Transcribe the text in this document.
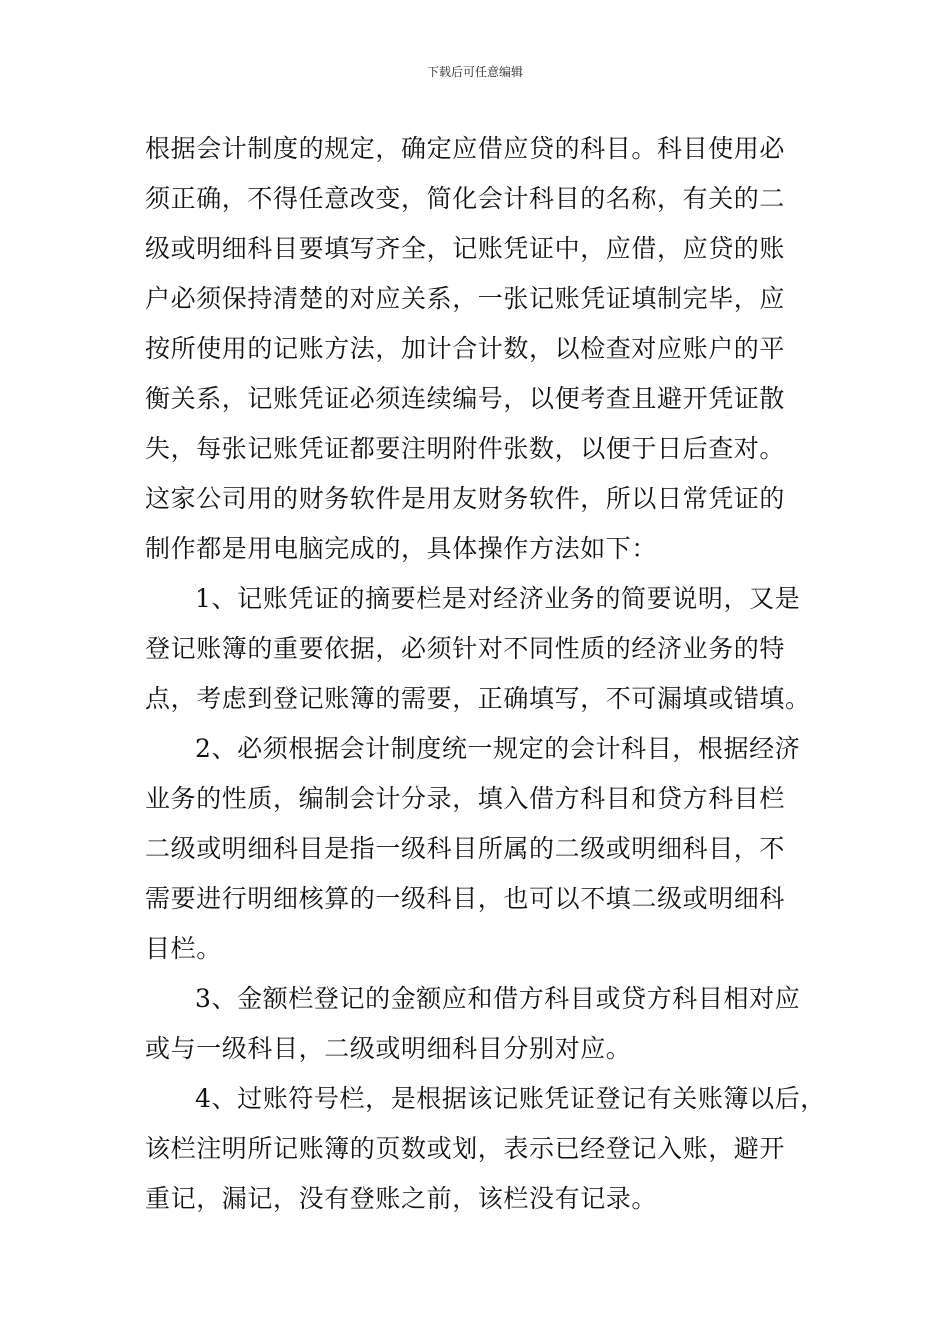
下载后可任意编辑
根据会计制度的规定，确定应借应贷的科目。科目使用必
须正确，不得任意改变，简化会计科目的名称，有关的二
级或明细科目要填写齐全，记账凭证中，应借，应贷的账
户必须保持清楚的对应关系，一张记账凭证填制完毕，应
按所使用的记账方法，加计合计数，以检查对应账户的平
衡关系，记账凭证必须连续编号，以便考查且避开凭证散
失，每张记账凭证都要注明附件张数，以便于日后查对。
这家公司用的财务软件是用友财务软件，所以日常凭证的
制作都是用电脑完成的，具体操作方法如下：
1、记账凭证的摘要栏是对经济业务的简要说明，又是
登记账簿的重要依据，必须针对不同性质的经济业务的特
点，考虑到登记账簿的需要，正确填写，不可漏填或错填。
2、必须根据会计制度统一规定的会计科目，根据经济
业务的性质，编制会计分录，填入借方科目和贷方科目栏
二级或明细科目是指一级科目所属的二级或明细科目，不
需要进行明细核算的一级科目，也可以不填二级或明细科
目栏。
3、金额栏登记的金额应和借方科目或贷方科目相对应
或与一级科目，二级或明细科目分别对应。
4、过账符号栏，是根据该记账凭证登记有关账簿以后，
该栏注明所记账簿的页数或划，表示已经登记入账，避开
重记，漏记，没有登账之前，该栏没有记录。
